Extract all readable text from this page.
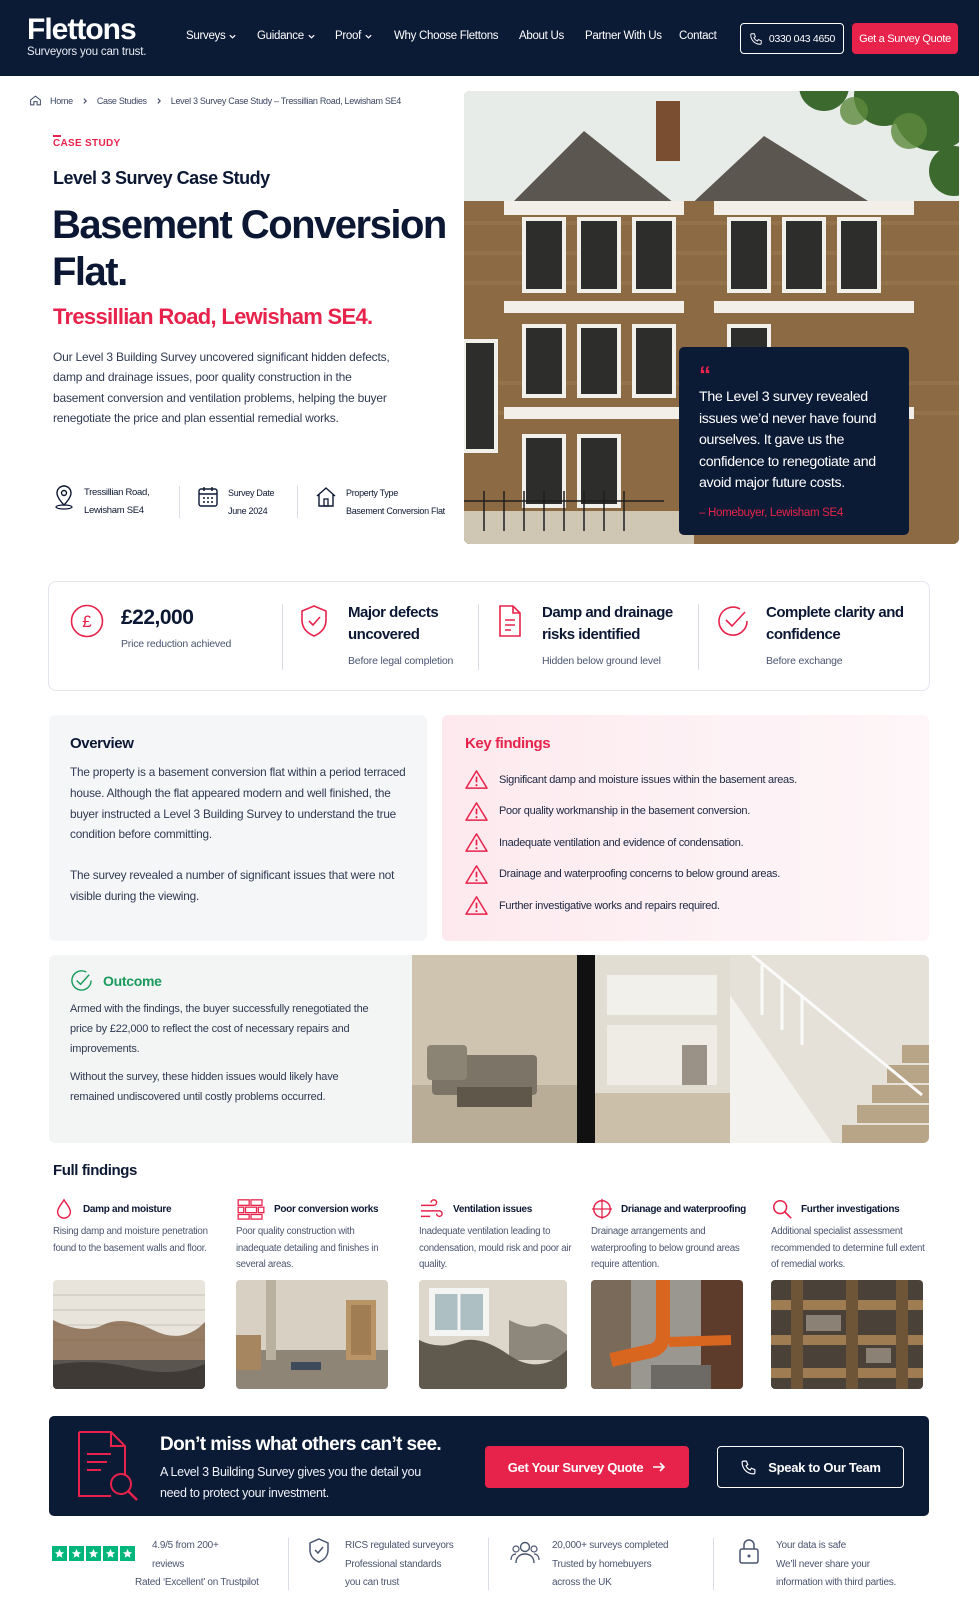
Flettons
Surveyors you can trust.
Surveys	Guidance	Proof	Why Choose Flettons About Us Partner With Us Contact	0330 043 4650	Get a Survey Quote
Home	Case Studies	Level 3 Survey Case Study – Tressillian Road, Lewisham SE4
CASE STUDY
Level 3 Survey Case Study
Basement Conversion Flat.
Tressillian Road, Lewisham SE4.
Our Level 3 Building Survey uncovered significant hidden defects, damp and drainage issues, poor quality construction in the basement conversion and ventilation problems, helping the buyer renegotiate the price and plan essential remedial works.
Tressillian Road,
Lewisham SE4
Survey Date
June 2024
Property Type
Basement Conversion Flat
“
The Level 3 survey revealed issues we’d never have found ourselves. It gave us the confidence to renegotiate and avoid major future costs.
– Homebuyer, Lewisham SE4
£ £22,000
Price reduction achieved
Major defects uncovered
Before legal completion
Damp and drainage risks identified
Hidden below ground level
Complete clarity and confidence
Before exchange
Overview

The property is a basement conversion flat within a period terraced house. Although the flat appeared modern and well finished, the buyer instructed a Level 3 Building Survey to understand the true condition before committing.

The survey revealed a number of significant issues that were not visible during the viewing.

Key findings
Significant damp and moisture issues within the basement areas.
Poor quality workmanship in the basement conversion.
Inadequate ventilation and evidence of condensation.
Drainage and waterproofing concerns to below ground areas.
Further investigative works and repairs required.
Outcome

Armed with the findings, the buyer successfully renegotiated the price by £22,000 to reflect the cost of necessary repairs and improvements.

Without the survey, these hidden issues would likely have remained undiscovered until costly problems occurred.

Full findings
Damp and moisture
Rising damp and moisture penetration found to the basement walls and floor.
Poor conversion works
Poor quality construction with inadequate detailing and finishes in several areas.
Ventilation issues
Inadequate ventilation leading to condensation, mould risk and poor air quality.
Drianage and waterproofing
Drainage arrangements and waterproofing to below ground areas require attention.
Further investigations
Additional specialist assessment recommended to determine full extent of remedial works.
Don’t miss what others can’t see.
A Level 3 Building Survey gives you the detail you need to protect your investment.
Get Your Survey Quote	Speak to Our Team
4.9/5 from 200+
reviews
Rated ‘Excellent’ on Trustpilot
RICS regulated surveyors
Professional standards
you can trust
20,000+ surveys completed
Trusted by homebuyers
across the UK
Your data is safe
We’ll never share your
information with third parties.
